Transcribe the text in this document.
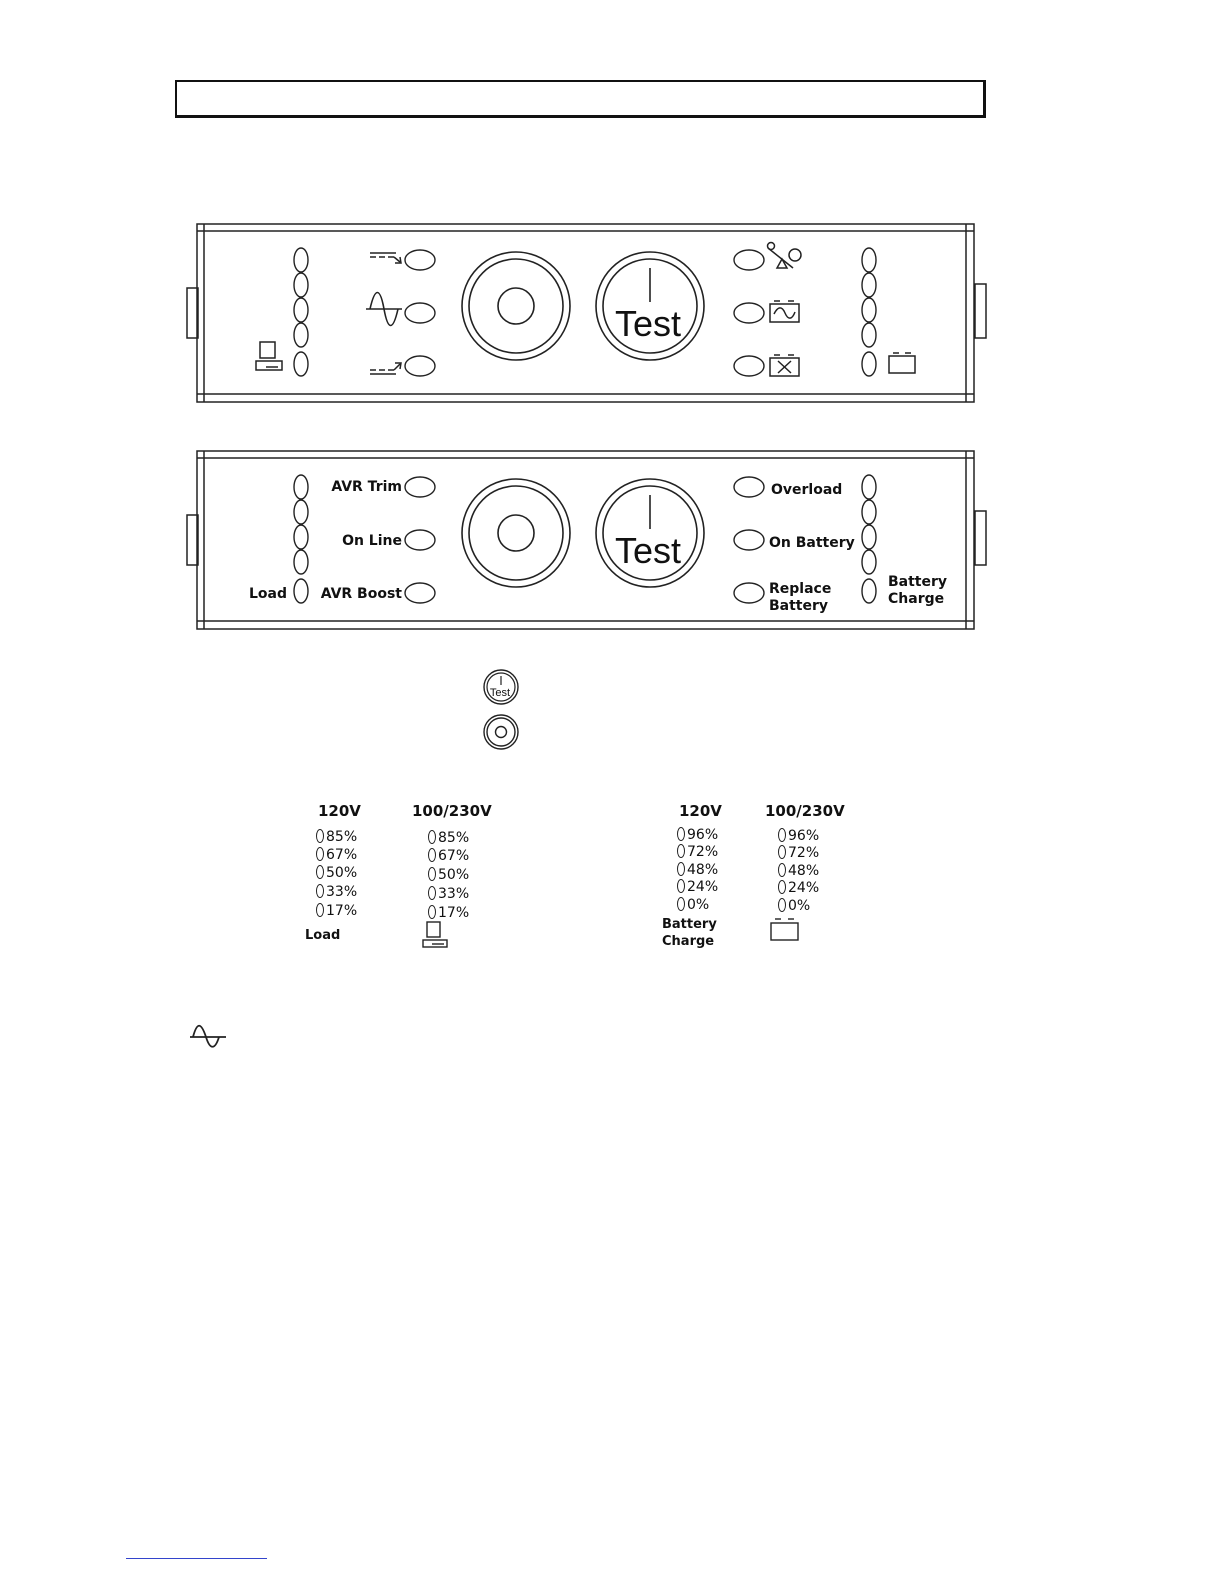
Test
Test
AVR Trim
On Line
AVR Boost
Load
Overload
On Battery
Replace
Battery
Battery
Charge
Test
120V	100/230V
85%
67%
50%
33%
17%
85%
67%
50%
33%
17%
Load
120V	100/230V
96%
72%
48%
24%
0%
96%
72%
48%
24%
0%
Battery
Charge
